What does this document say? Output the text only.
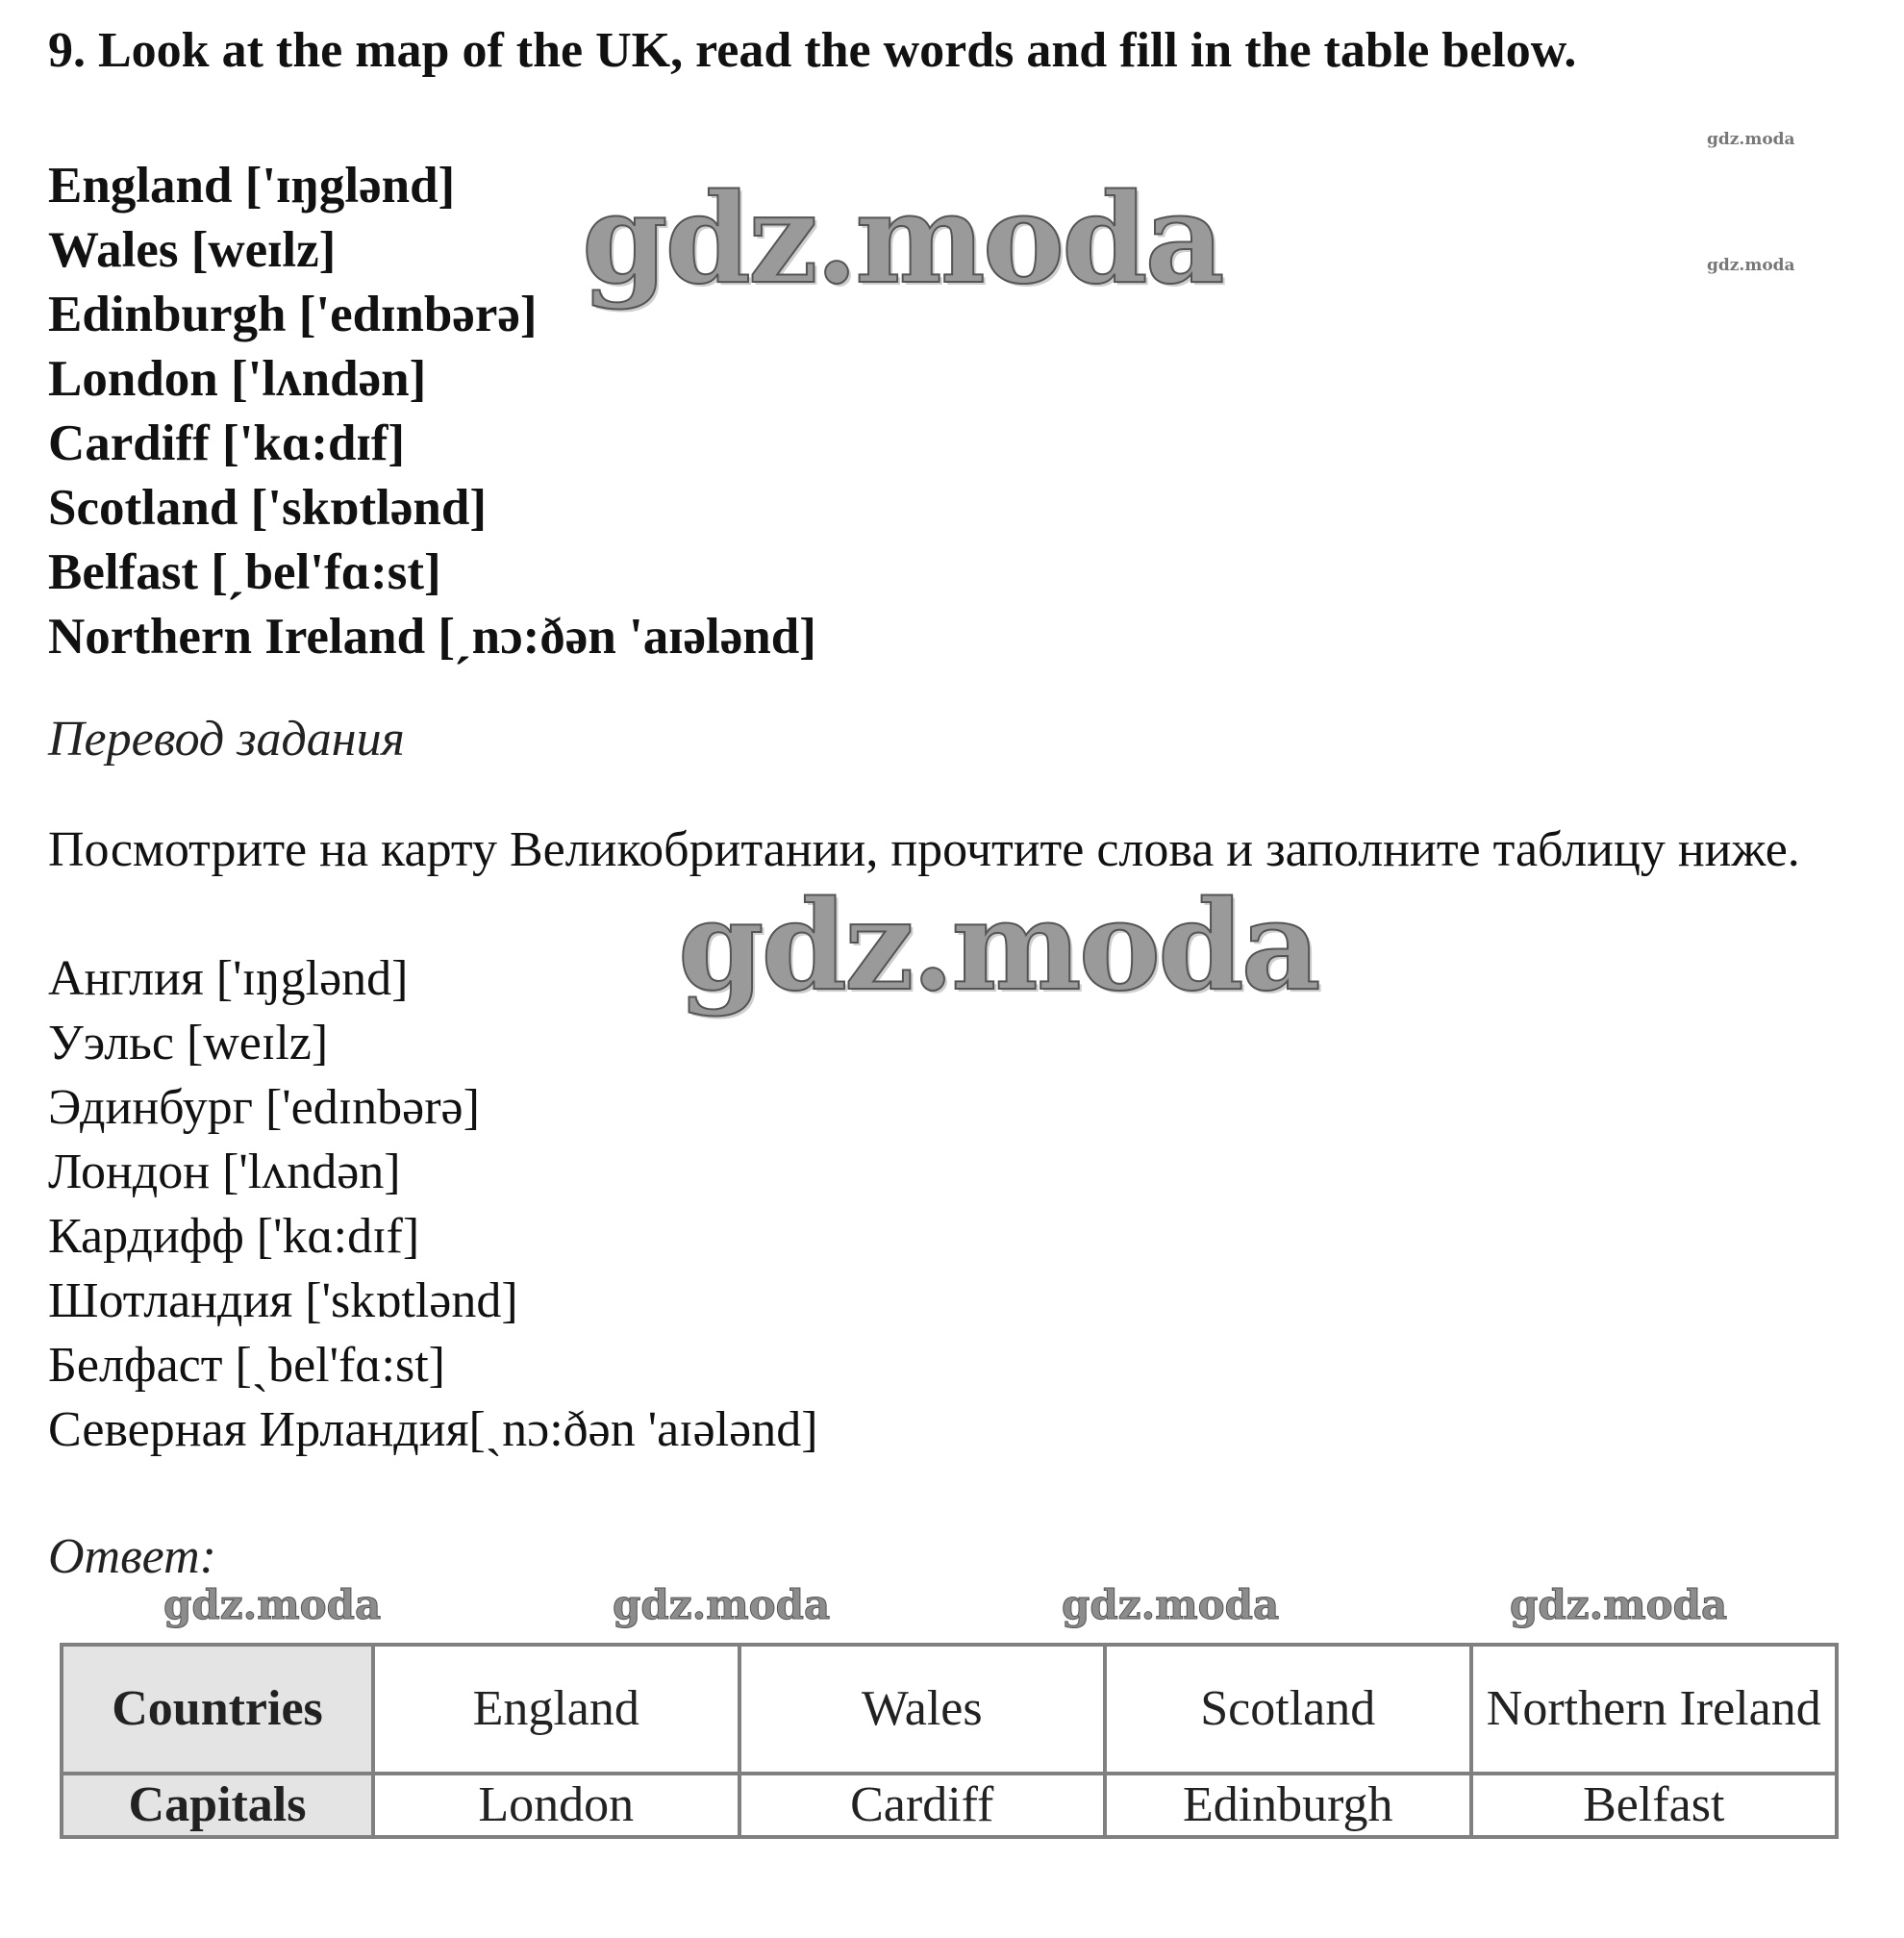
9. Look at the map of the UK, read the words and fill in the table below.
England ['ɪŋglənd]
Wales [weɪlz]
Edinburgh ['edɪnbərə]
London ['lʌndən]
Cardiff ['kɑ:dɪf]
Scotland ['skɒtlənd]
Belfast [ˏbel'fɑ:st]
Northern Ireland [ˏnɔ:ðən 'aɪələnd]
Перевод задания

Посмотрите на карту Великобритании, прочтите слова и заполните таблицу ниже.

Англия ['ɪŋglənd]
Уэльс [weɪlz]
Эдинбург ['edɪnbərə]
Лондон ['lʌndən]
Кардифф ['kɑ:dɪf]
Шотландия ['skɒtlənd]
Белфаст [ˏbel'fɑ:st]
Северная Ирландия[ˏnɔ:ðən 'aɪələnd]
Ответ:
gdz.moda
gdz.moda
gdz.moda
gdz.moda
gdz.moda	gdz.moda	gdz.moda	gdz.moda
Countries	England	Wales	Scotland	Northern Ireland
Capitals	London	Cardiff	Edinburgh	Belfast
